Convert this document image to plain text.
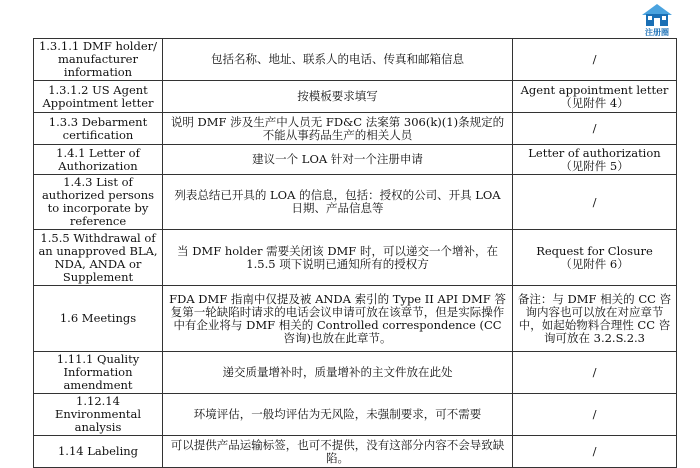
注册圈
1.3.1.1 DMF holder/ manufacturer information	包括名称、地址、联系人的电话、传真和邮箱信息	/
1.3.1.2 US Agent Appointment letter	按模板要求填写	Agent appointment letter
（见附件 4）

1.3.3 Debarment certification	说明 DMF 涉及生产中人员无 FD&C 法案第 306(k)(1)条规定的不能从事药品生产的相关人员	/
1.4.1 Letter of Authorization	建议一个 LOA 针对一个注册申请	Letter of authorization
（见附件 5）

1.4.3 List of authorized persons to incorporate by reference	列表总结已开具的 LOA 的信息，包括：授权的公司、开具 LOA 日期、产品信息等	/
1.5.5 Withdrawal of an unapproved BLA, NDA, ANDA or Supplement	当 DMF holder 需要关闭该 DMF 时，可以递交一个增补，在 1.5.5 项下说明已通知所有的授权方	Request for Closure
（见附件 6）

1.6 Meetings	FDA DMF 指南中仅提及被 ANDA 索引的 Type II API DMF 答复第一轮缺陷时请求的电话会议申请可放在该章节，但是实际操作中有企业将与 DMF 相关的 Controlled correspondence (CC 咨询)也放在此章节。	备注：与 DMF 相关的 CC 咨询内容也可以放在对应章节中，如起始物料合理性 CC 咨询可放在 3.2.S.2.3
1.11.1 Quality Information amendment	递交质量增补时，质量增补的主文件放在此处	/
1.12.14 Environmental analysis	环境评估，一般均评估为无风险，未强制要求，可不需要	/
1.14 Labeling	可以提供产品运输标签，也可不提供，没有这部分内容不会导致缺陷。	/
